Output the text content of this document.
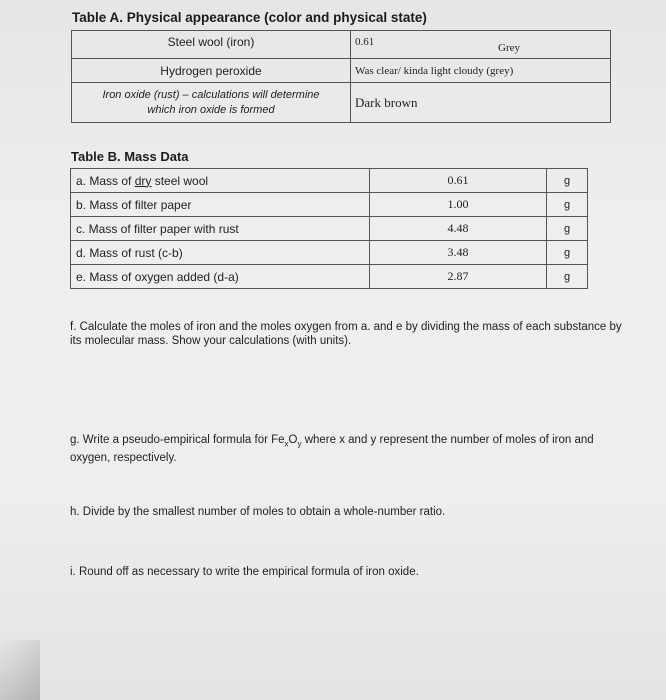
Table A. Physical appearance (color and physical state)
Steel wool (iron)	0.61 Grey

Hydrogen peroxide	Was clear/ kinda light cloudy (grey)

Iron oxide (rust) – calculations will determine
which iron oxide is formed	Dark brown
Table B. Mass Data
a. Mass of dry steel wool	0.61	g
b. Mass of filter paper	1.00	g
c. Mass of filter paper with rust	4.48	g
d. Mass of rust (c-b)	3.48	g
e. Mass of oxygen added (d-a)	2.87	g
f. Calculate the moles of iron and the moles oxygen from a. and e by dividing the mass of each substance by its molecular mass. Show your calculations (with units).
g. Write a pseudo-empirical formula for $Fe_xO_y$ where x and y represent the number of moles of iron and oxygen, respectively.
h. Divide by the smallest number of moles to obtain a whole-number ratio.
i. Round off as necessary to write the empirical formula of iron oxide.
